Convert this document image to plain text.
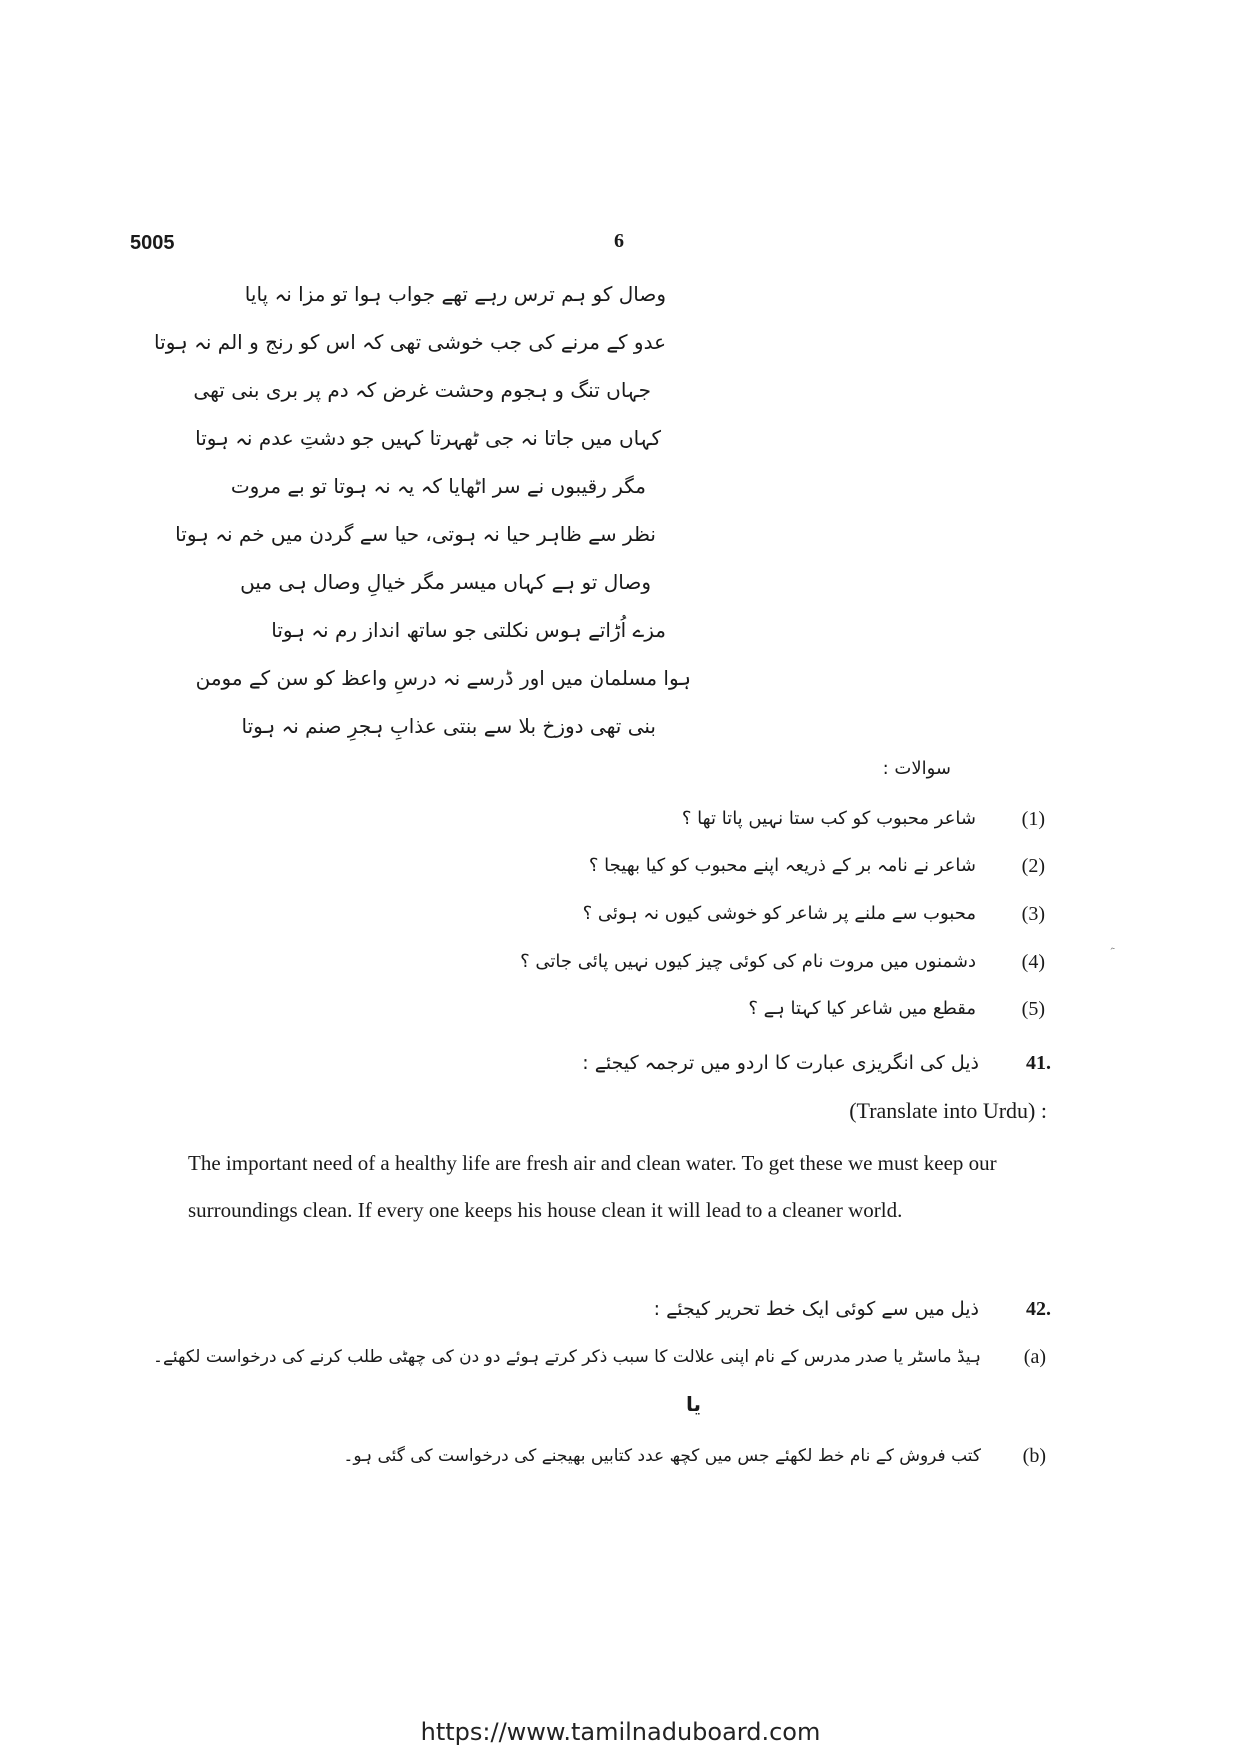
5005	6
وصال کو ہم ترس رہے تھے جواب ہوا تو مزا نہ پایا
عدو کے مرنے کی جب خوشی تھی کہ اس کو رنج و الم نہ ہوتا
جہاں تنگ و ہجوم وحشت غرض کہ دم پر بری بنی تھی
کہاں میں جاتا نہ جی ٹھہرتا کہیں جو دشتِ عدم نہ ہوتا
مگر رقیبوں نے سر اٹھایا کہ یہ نہ ہوتا تو بے مروت
نظر سے ظاہر حیا نہ ہوتی، حیا سے گردن میں خم نہ ہوتا
وصال تو ہے کہاں میسر مگر خیالِ وصال ہی میں
مزے اُڑاتے ہوس نکلتی جو ساتھ انداز رم نہ ہوتا
ہوا مسلمان میں اور ڈرسے نہ درسِ واعظ کو سن کے مومن
بنی تھی دوزخ بلا سے بنتی عذابِ ہجرِ صنم نہ ہوتا
سوالات :
(1)
شاعر محبوب کو کب ستا نہیں پاتا تھا ؟
(2)
شاعر نے نامہ بر کے ذریعہ اپنے محبوب کو کیا بھیجا ؟
(3)
محبوب سے ملنے پر شاعر کو خوشی کیوں نہ ہوئی ؟
(4)
دشمنوں میں مروت نام کی کوئی چیز کیوں نہیں پائی جاتی ؟
(5)
مقطع میں شاعر کیا کہتا ہے ؟
ﮧ
41.
ذیل کی انگریزی عبارت کا اردو میں ترجمہ کیجئے :
(Translate into Urdu) :
The important need of a healthy life are fresh air and clean water. To get these we must keep our surroundings clean. If every one keeps his house clean it will lead to a cleaner world.
42.
ذیل میں سے کوئی ایک خط تحریر کیجئے :
(a)
ہیڈ ماسٹر یا صدر مدرس کے نام اپنی علالت کا سبب ذکر کرتے ہوئے دو دن کی چھٹی طلب کرنے کی درخواست لکھئے۔
یا
(b)
کتب فروش کے نام خط لکھئے جس میں کچھ عدد کتابیں بھیجنے کی درخواست کی گئی ہو۔
https://www.tamilnaduboard.com
